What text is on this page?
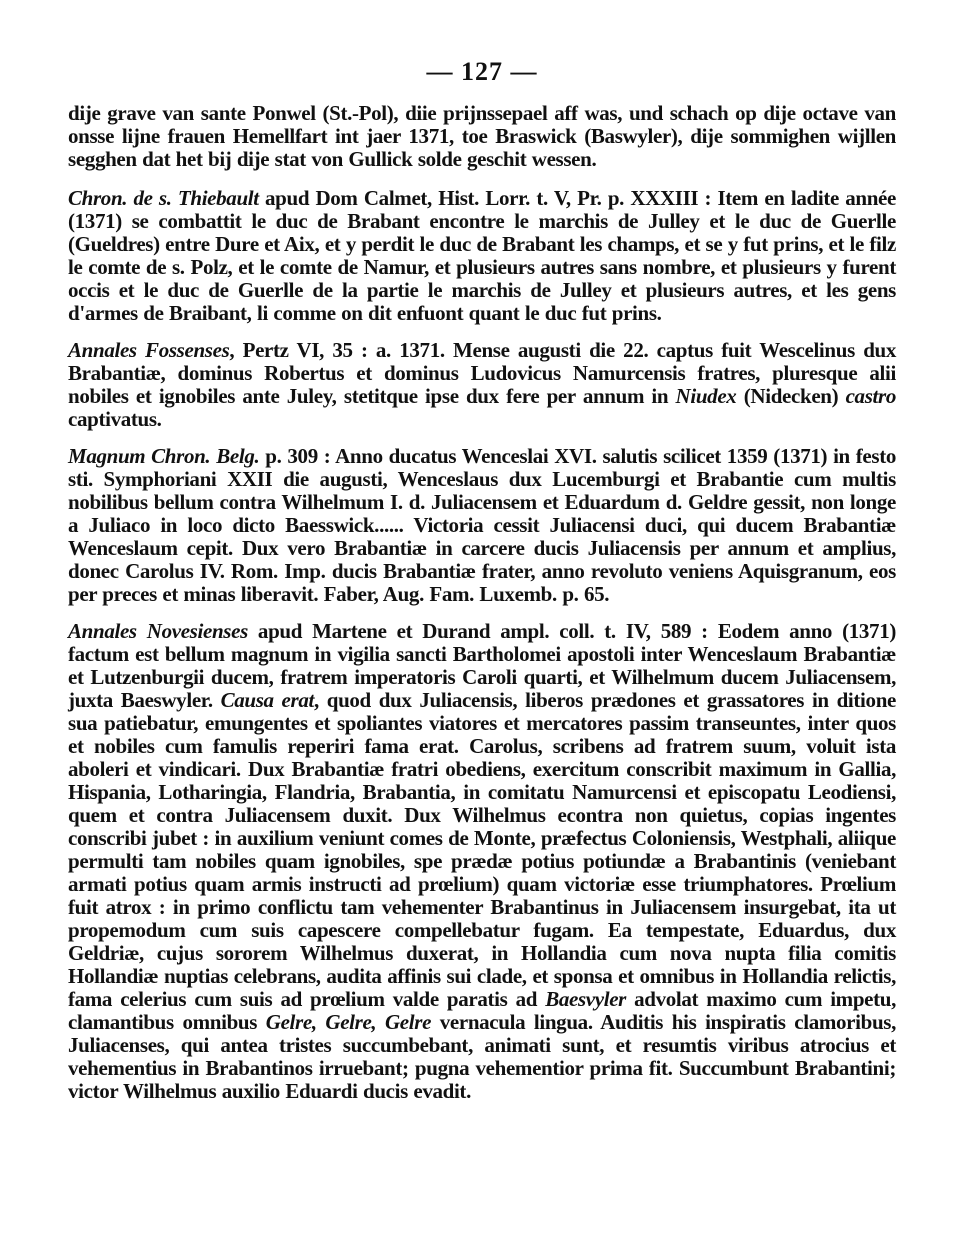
— 127 —

dije grave van sante Ponwel (St.-Pol), diie prijnssepael aff was, und schach op dije octave van onsse lijne frauen Hemellfart int jaer 1371, toe Braswick (Baswyler), dije sommighen wijllen segghen dat het bij dije stat von Gullick solde geschit wessen.

Chron. de s. Thiebault apud Dom Calmet, Hist. Lorr. t. V, Pr. p. XXXIII : Item en ladite année (1371) se combattit le duc de Brabant encontre le marchis de Julley et le duc de Guerlle (Gueldres) entre Dure et Aix, et y perdit le duc de Brabant les champs, et se y fut prins, et le filz le comte de s. Polz, et le comte de Namur, et plusieurs autres sans nombre, et plusieurs y furent occis et le duc de Guerlle de la partie le marchis de Julley et plusieurs autres, et les gens d'armes de Braibant, li comme on dit enfuont quant le duc fut prins.

Annales Fossenses, Pertz VI, 35 : a. 1371. Mense augusti die 22. captus fuit Wescelinus dux Brabantiæ, dominus Robertus et dominus Ludovicus Namurcensis fratres, pluresque alii nobiles et ignobiles ante Juley, stetitque ipse dux fere per annum in Niudex (Nidecken) castro captivatus.

Magnum Chron. Belg. p. 309 : Anno ducatus Wenceslai XVI. salutis scilicet 1359 (1371) in festo sti. Symphoriani XXII die augusti, Wenceslaus dux Lucemburgi et Brabantie cum multis nobilibus bellum contra Wilhelmum I. d. Juliacensem et Eduardum d. Geldre gessit, non longe a Juliaco in loco dicto Baesswick...... Victoria cessit Juliacensi duci, qui ducem Brabantiæ Wenceslaum cepit. Dux vero Brabantiæ in carcere ducis Juliacensis per annum et amplius, donec Carolus IV. Rom. Imp. ducis Brabantiæ frater, anno revoluto veniens Aquisgranum, eos per preces et minas liberavit. Faber, Aug. Fam. Luxemb. p. 65.

Annales Novesienses apud Martene et Durand ampl. coll. t. IV, 589 : Eodem anno (1371) factum est bellum magnum in vigilia sancti Bartholomei apostoli inter Wenceslaum Brabantiæ et Lutzenburgii ducem, fratrem imperatoris Caroli quarti, et Wilhelmum ducem Juliacensem, juxta Baeswyler. Causa erat, quod dux Juliacensis, liberos prædones et grassatores in ditione sua patiebatur, emungentes et spoliantes viatores et mercatores passim transeuntes, inter quos et nobiles cum famulis reperiri fama erat. Carolus, scribens ad fratrem suum, voluit ista aboleri et vindicari. Dux Brabantiæ fratri obediens, exercitum conscribit maximum in Gallia, Hispania, Lotharingia, Flandria, Brabantia, in comitatu Namurcensi et episcopatu Leodiensi, quem et contra Juliacensem duxit. Dux Wilhelmus econtra non quietus, copias ingentes conscribi jubet : in auxilium veniunt comes de Monte, præfectus Coloniensis, Westphali, aliique permulti tam nobiles quam ignobiles, spe prædæ potius potiundæ a Brabantinis (veniebant armati potius quam armis instructi ad prœlium) quam victoriæ esse triumphatores. Prœlium fuit atrox : in primo conflictu tam vehementer Brabantinus in Juliacensem insurgebat, ita ut propemodum cum suis capescere compellebatur fugam. Ea tempestate, Eduardus, dux Geldriæ, cujus sororem Wilhelmus duxerat, in Hollandia cum nova nupta filia comitis Hollandiæ nuptias celebrans, audita affinis sui clade, et sponsa et omnibus in Hollandia relictis, fama celerius cum suis ad prœlium valde paratis ad Baesvyler advolat maximo cum impetu, clamantibus omnibus Gelre, Gelre, Gelre vernacula lingua. Auditis his inspiratis clamoribus, Juliacenses, qui antea tristes succumbebant, animati sunt, et resumtis viribus atrocius et vehementius in Brabantinos irruebant; pugna vehementior prima fit. Succumbunt Brabantini; victor Wilhelmus auxilio Eduardi ducis evadit.
